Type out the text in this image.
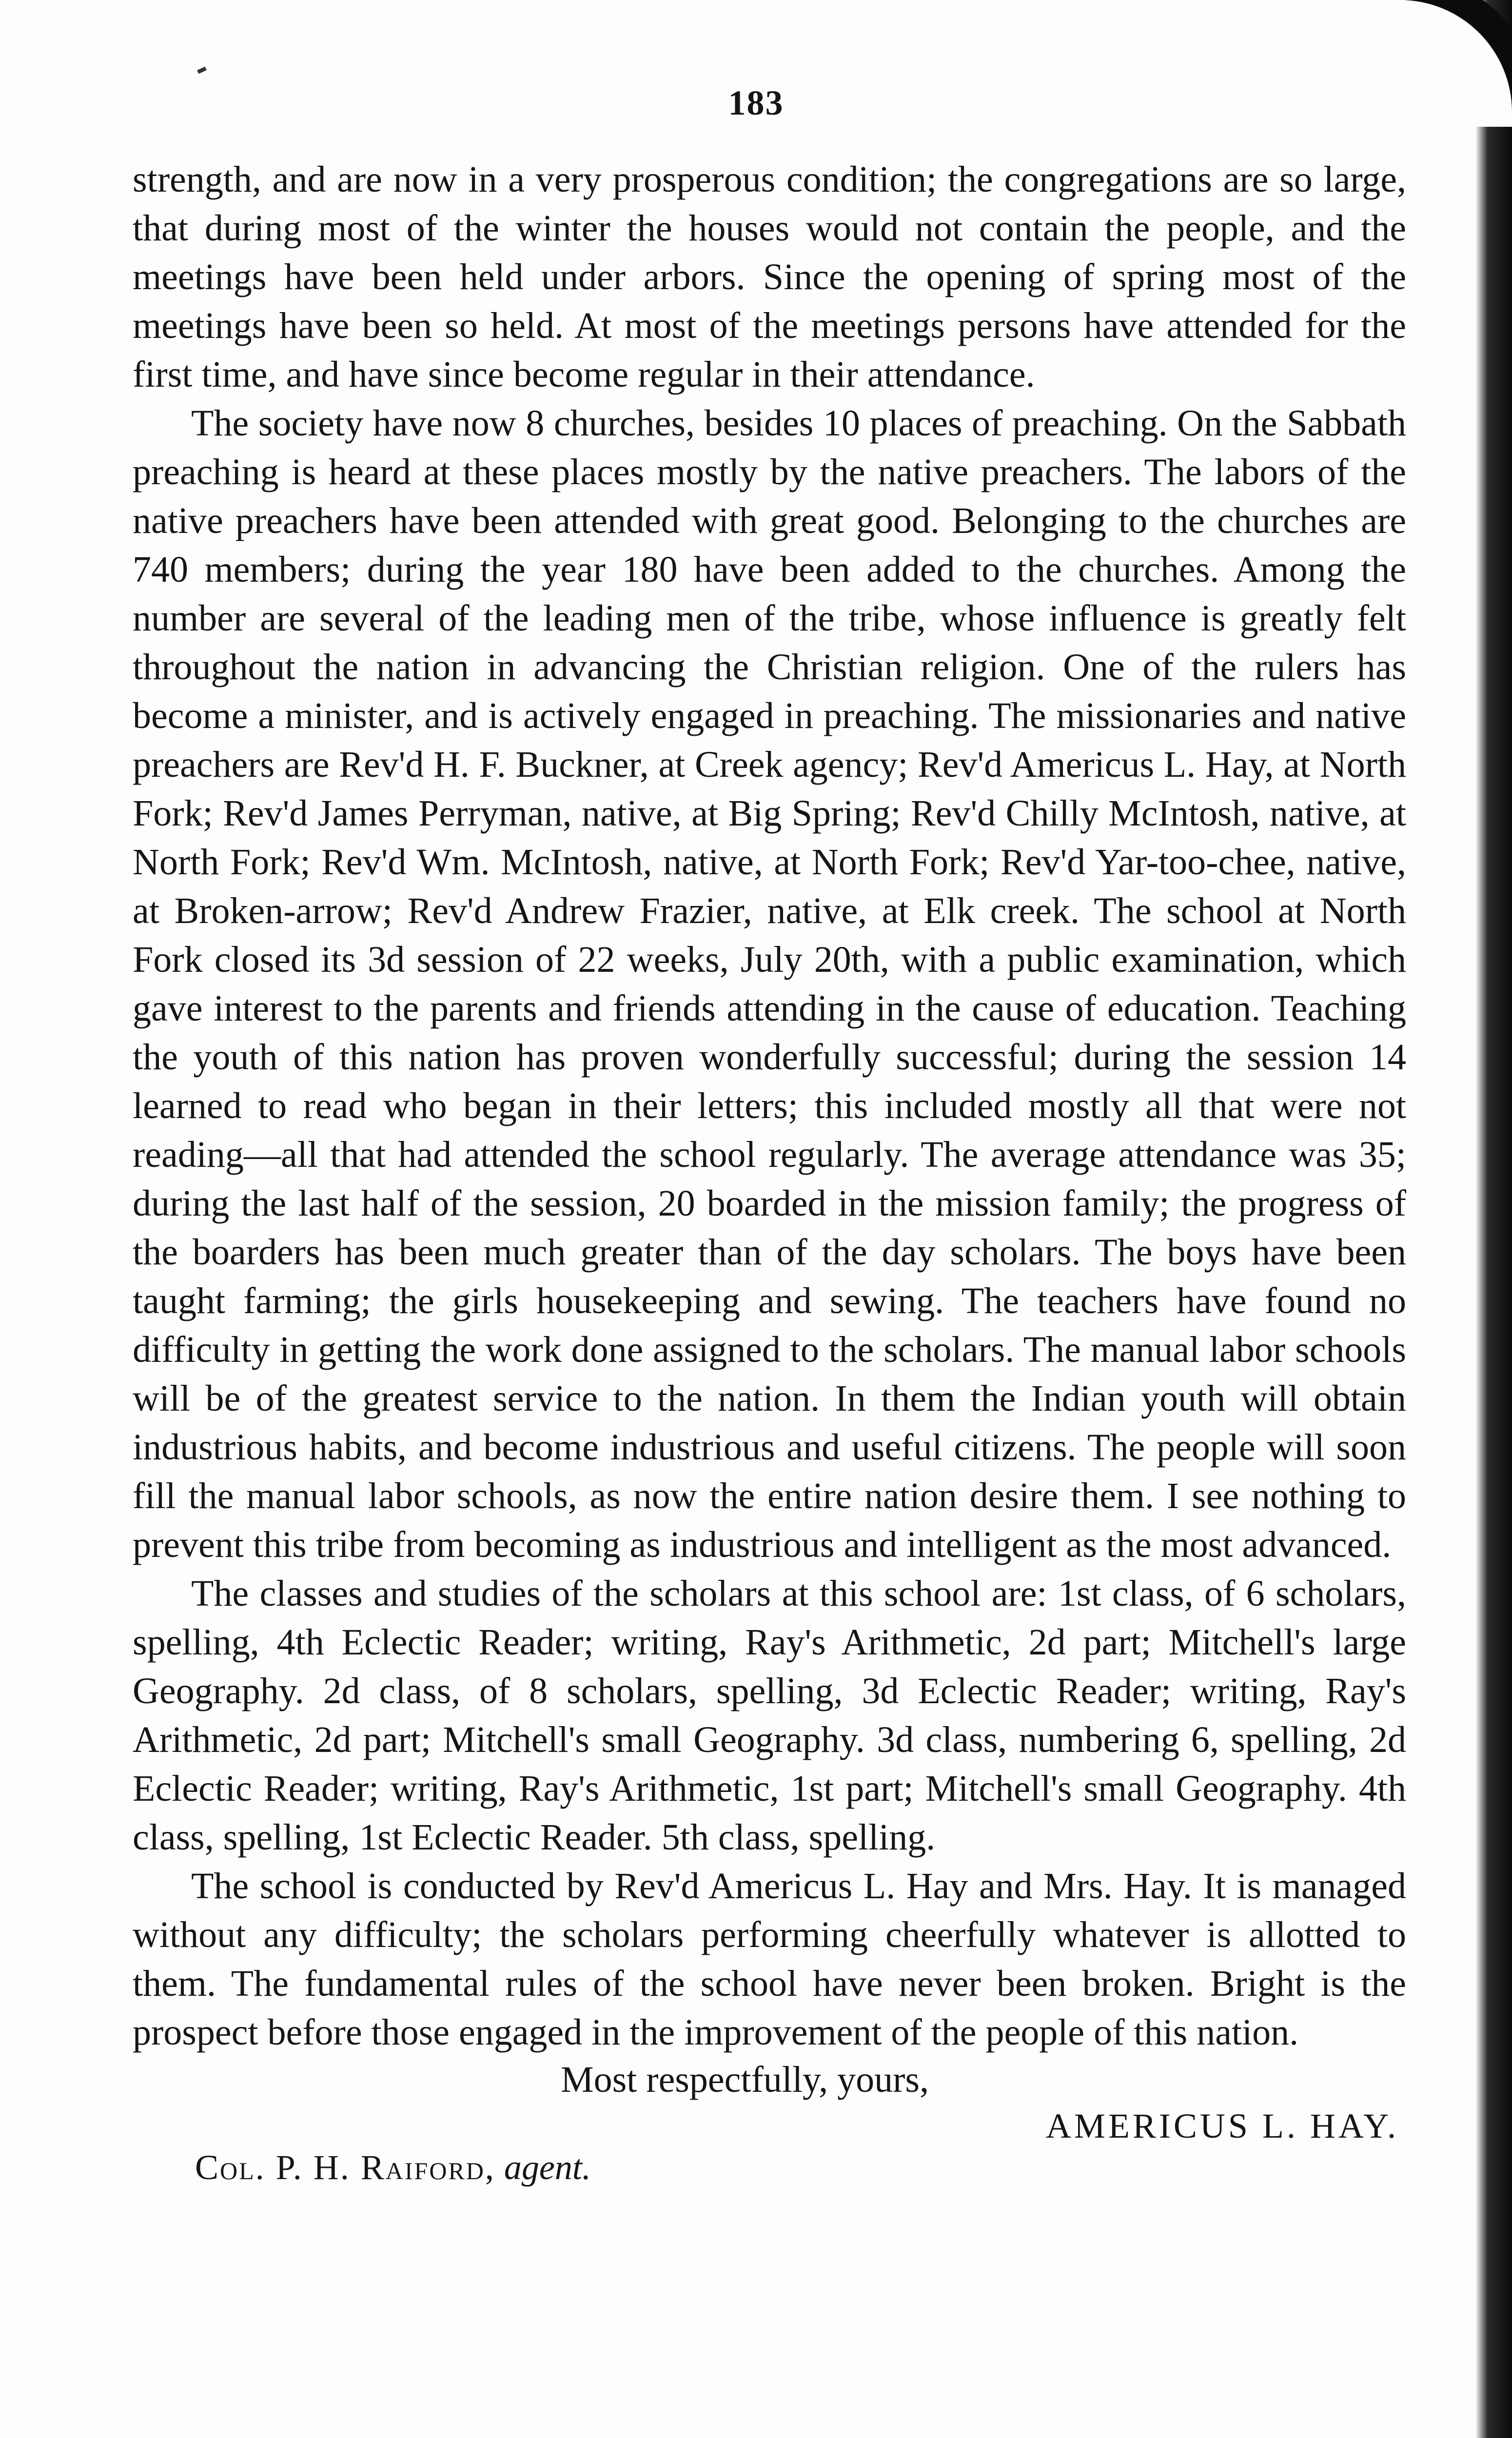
183

strength, and are now in a very prosperous condition; the congregations are so large, that during most of the winter the houses would not contain the people, and the meetings have been held under arbors. Since the opening of spring most of the meetings have been so held. At most of the meetings persons have attended for the first time, and have since become regular in their attendance.

The society have now 8 churches, besides 10 places of preaching. On the Sabbath preaching is heard at these places mostly by the native preachers. The labors of the native preachers have been attended with great good. Belonging to the churches are 740 members; during the year 180 have been added to the churches. Among the number are several of the leading men of the tribe, whose influence is greatly felt throughout the nation in advancing the Christian religion. One of the rulers has become a minister, and is actively engaged in preaching. The missionaries and native preachers are Rev'd H. F. Buckner, at Creek agency; Rev'd Americus L. Hay, at North Fork; Rev'd James Perryman, native, at Big Spring; Rev'd Chilly McIntosh, native, at North Fork; Rev'd Wm. McIntosh, native, at North Fork; Rev'd Yar-too-chee, native, at Broken-arrow; Rev'd Andrew Frazier, native, at Elk creek. The school at North Fork closed its 3d session of 22 weeks, July 20th, with a public examination, which gave interest to the parents and friends attending in the cause of education. Teaching the youth of this nation has proven wonderfully successful; during the session 14 learned to read who began in their letters; this included mostly all that were not reading—all that had attended the school regularly. The average attendance was 35; during the last half of the session, 20 boarded in the mission family; the progress of the boarders has been much greater than of the day scholars. The boys have been taught farming; the girls housekeeping and sewing. The teachers have found no difficulty in getting the work done assigned to the scholars. The manual labor schools will be of the greatest service to the nation. In them the Indian youth will obtain industrious habits, and become industrious and useful citizens. The people will soon fill the manual labor schools, as now the entire nation desire them. I see nothing to prevent this tribe from becoming as industrious and intelligent as the most advanced.

The classes and studies of the scholars at this school are: 1st class, of 6 scholars, spelling, 4th Eclectic Reader; writing, Ray's Arithmetic, 2d part; Mitchell's large Geography. 2d class, of 8 scholars, spelling, 3d Eclectic Reader; writing, Ray's Arithmetic, 2d part; Mitchell's small Geography. 3d class, numbering 6, spelling, 2d Eclectic Reader; writing, Ray's Arithmetic, 1st part; Mitchell's small Geography. 4th class, spelling, 1st Eclectic Reader. 5th class, spelling.

The school is conducted by Rev'd Americus L. Hay and Mrs. Hay. It is managed without any difficulty; the scholars performing cheerfully whatever is allotted to them. The fundamental rules of the school have never been broken. Bright is the prospect before those engaged in the improvement of the people of this nation.

Most respectfully, yours,
AMERICUS L. HAY.
Col. P. H. Raiford, agent.
